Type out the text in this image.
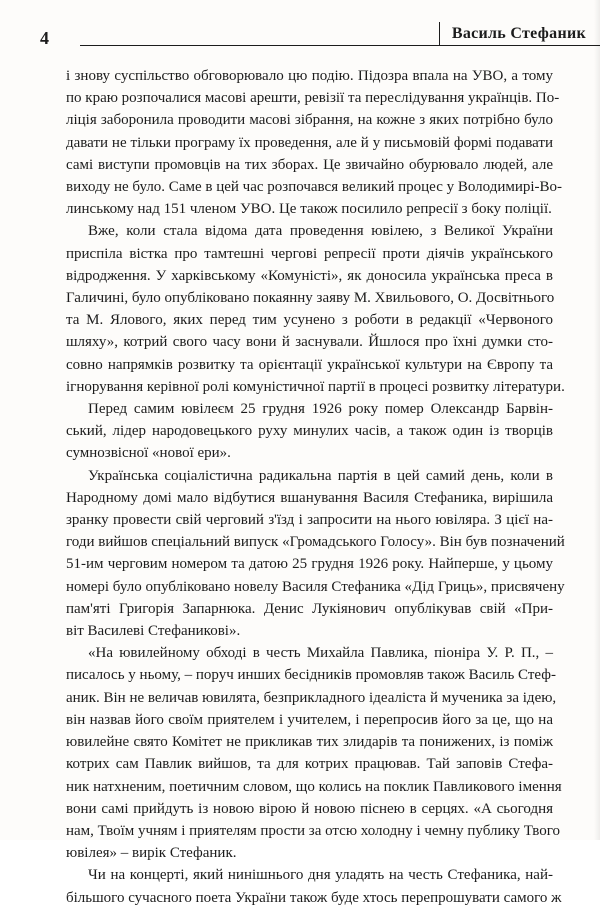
4	Василь Стефаник

і знову суспільство обговорювало цю подію. Підозра впала на УВО, а тому
по краю розпочалися масові арешти, ревізії та переслідування українців. По-
ліція заборонила проводити масові зібрання, на кожне з яких потрібно було
давати не тільки програму їх проведення, але й у письмовій формі подавати
самі виступи промовців на тих зборах. Це звичайно обурювало людей, але
виходу не було. Саме в цей час розпочався великий процес у Володимирі-Во-
линському над 151 членом УВО. Це також посилило репресії з боку поліції.

Вже, коли стала відома дата проведення ювілею, з Великої України
приспіла вістка про тамтешні чергові репресії проти діячів українського
відродження. У харківському «Комуністі», як доносила українська преса в
Галичині, було опубліковано покаянну заяву М. Хвильового, О. Досвітнього
та М. Ялового, яких перед тим усунено з роботи в редакції «Червоного
шляху», котрий свого часу вони й заснували. Йшлося про їхні думки сто-
совно напрямків розвитку та орієнтації української культури на Європу та
ігнорування керівної ролі комуністичної партії в процесі розвитку літератури.

Перед самим ювілеєм 25 грудня 1926 року помер Олександр Барвін-
ський, лідер народовецького руху минулих часів, а також один із творців
сумнозвісної «нової ери».

Українська соціалістична радикальна партія в цей самий день, коли в
Народному домі мало відбутися вшанування Василя Стефаника, вирішила
зранку провести свій черговий з'їзд і запросити на нього ювіляра. З цієї на-
годи вийшов спеціальний випуск «Громадського Голосу». Він був позначений
51-им черговим номером та датою 25 грудня 1926 року. Найперше, у цьому
номері було опубліковано новелу Василя Стефаника «Дід Гриць», присвячену
пам'яті Григорія Запарнюка. Денис Лукіянович опублікував свій «При-
віт Василеві Стефаникові».

«На ювилейному обході в честь Михайла Павлика, піоніра У. Р. П., –
писалось у ньому, – поруч инших бесідників промовляв також Василь Стеф-
аник. Він не величав ювилята, безприкладного ідеаліста й мученика за ідею,
він назвав його своїм приятелем і учителем, і перепросив його за це, що на
ювилейне свято Комітет не прикликав тих злидарів та понижених, із поміж
котрих сам Павлик вийшов, та для котрих працював. Тай заповів Стефа-
ник натхненим, поетичним словом, що колись на поклик Павликового імення
вони самі прийдуть із новою вірою й новою піснею в серцях. «А сьогодня
нам, Твоїм учням і приятелям прости за отсю холодну і чемну публику Твого
ювілея» – вирік Стефаник.

Чи на концерті, який нинішнього дня уладять на честь Стефаника, най-
більшого сучасного поета України також буде хтось перепрошувати самого ж
